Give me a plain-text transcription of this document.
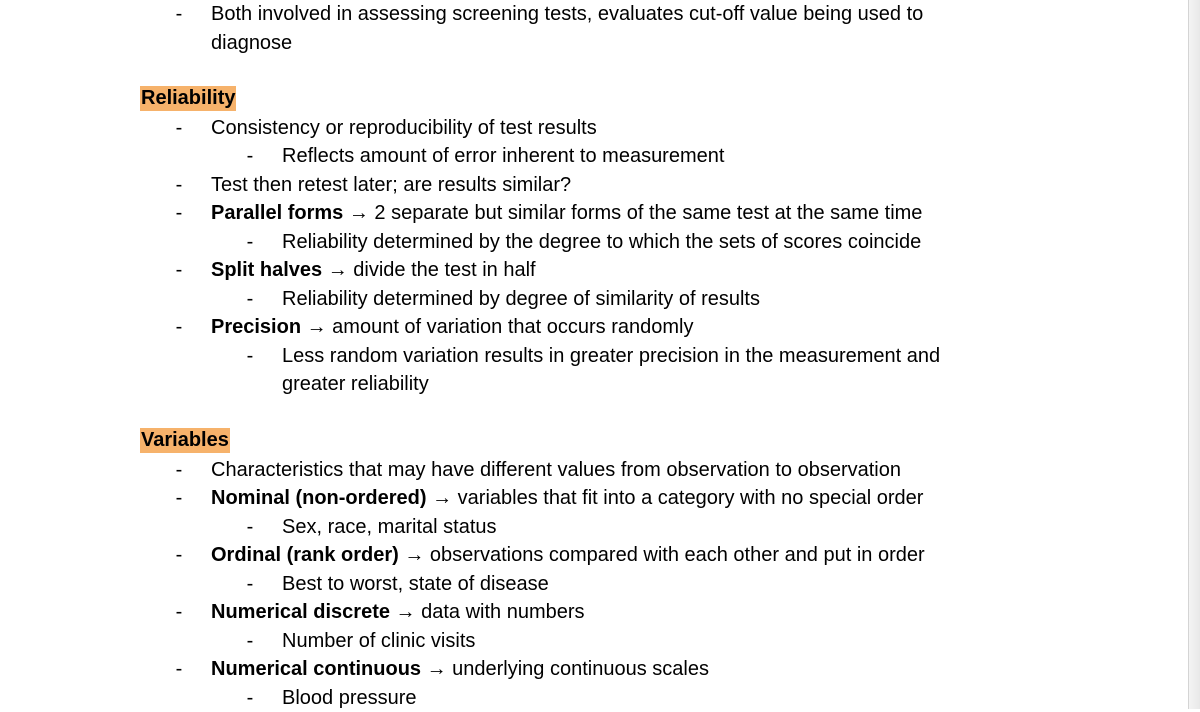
- Both involved in assessing screening tests, evaluates cut-off value being used to
diagnose
Reliability
- Consistency or reproducibility of test results
- Reflects amount of error inherent to measurement
- Test then retest later; are results similar?
- Parallel forms → 2 separate but similar forms of the same test at the same time
- Reliability determined by the degree to which the sets of scores coincide
- Split halves → divide the test in half
- Reliability determined by degree of similarity of results
- Precision → amount of variation that occurs randomly
- Less random variation results in greater precision in the measurement and
greater reliability
Variables
- Characteristics that may have different values from observation to observation
- Nominal (non-ordered) → variables that fit into a category with no special order
- Sex, race, marital status
- Ordinal (rank order) → observations compared with each other and put in order
- Best to worst, state of disease
- Numerical discrete → data with numbers
- Number of clinic visits
- Numerical continuous → underlying continuous scales
- Blood pressure
